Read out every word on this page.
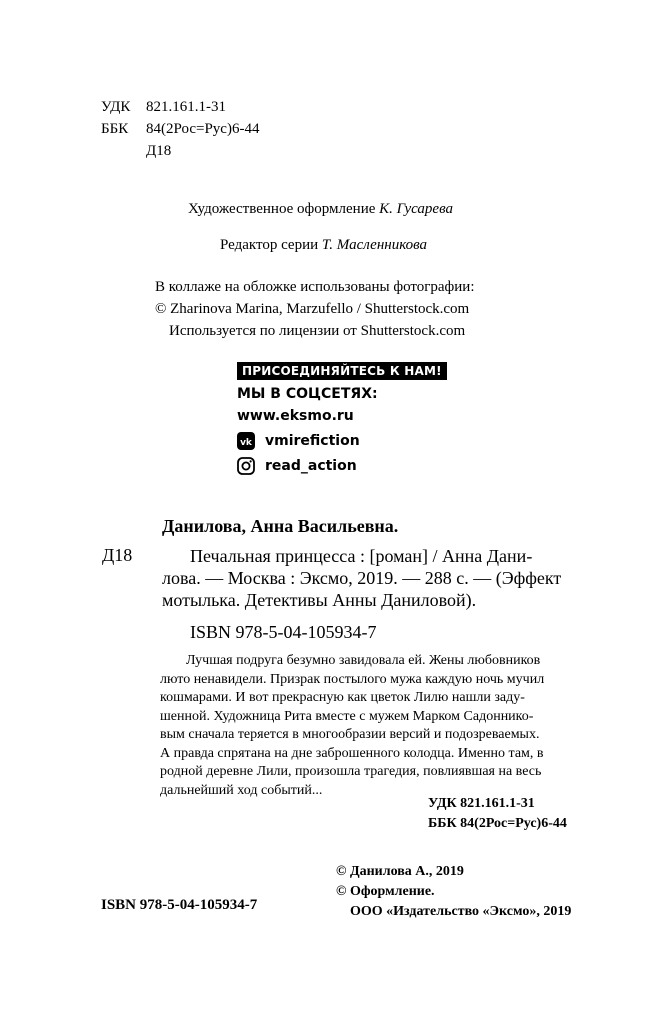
УДК	821.161.1-31
ББК	84(2Рос=Рус)6-44
Д18
Художественное оформление К. Гусарева
Редактор серии Т. Масленникова
В коллаже на обложке использованы фотографии:
© Zharinova Marina, Marzufello / Shutterstock.com
Используется по лицензии от Shutterstock.com
ПРИСОЕДИНЯЙТЕСЬ К НАМ!
МЫ В СОЦСЕТЯХ:
www.eksmo.ru
vk vmirefiction
read_action
Данилова, Анна Васильевна.
Д18	Печальная принцесса : [роман] / Анна Дани-
лова. — Москва : Эксмо, 2019. — 288 с. — (Эффект
мотылька. Детективы Анны Даниловой).
ISBN 978-5-04-105934-7
Лучшая подруга безумно завидовала ей. Жены любовников
люто ненавидели. Призрак постылого мужа каждую ночь мучил
кошмарами. И вот прекрасную как цветок Лилю нашли заду-
шенной. Художница Рита вместе с мужем Марком Садоннико-
вым сначала теряется в многообразии версий и подозреваемых.
А правда спрятана на дне заброшенного колодца. Именно там, в
родной деревне Лили, произошла трагедия, повлиявшая на весь
дальнейший ход событий...
УДК 821.161.1-31
ББК 84(2Рос=Рус)6-44
© Данилова А., 2019
© Оформление.
ООО «Издательство «Эксмо», 2019
ISBN 978-5-04-105934-7
